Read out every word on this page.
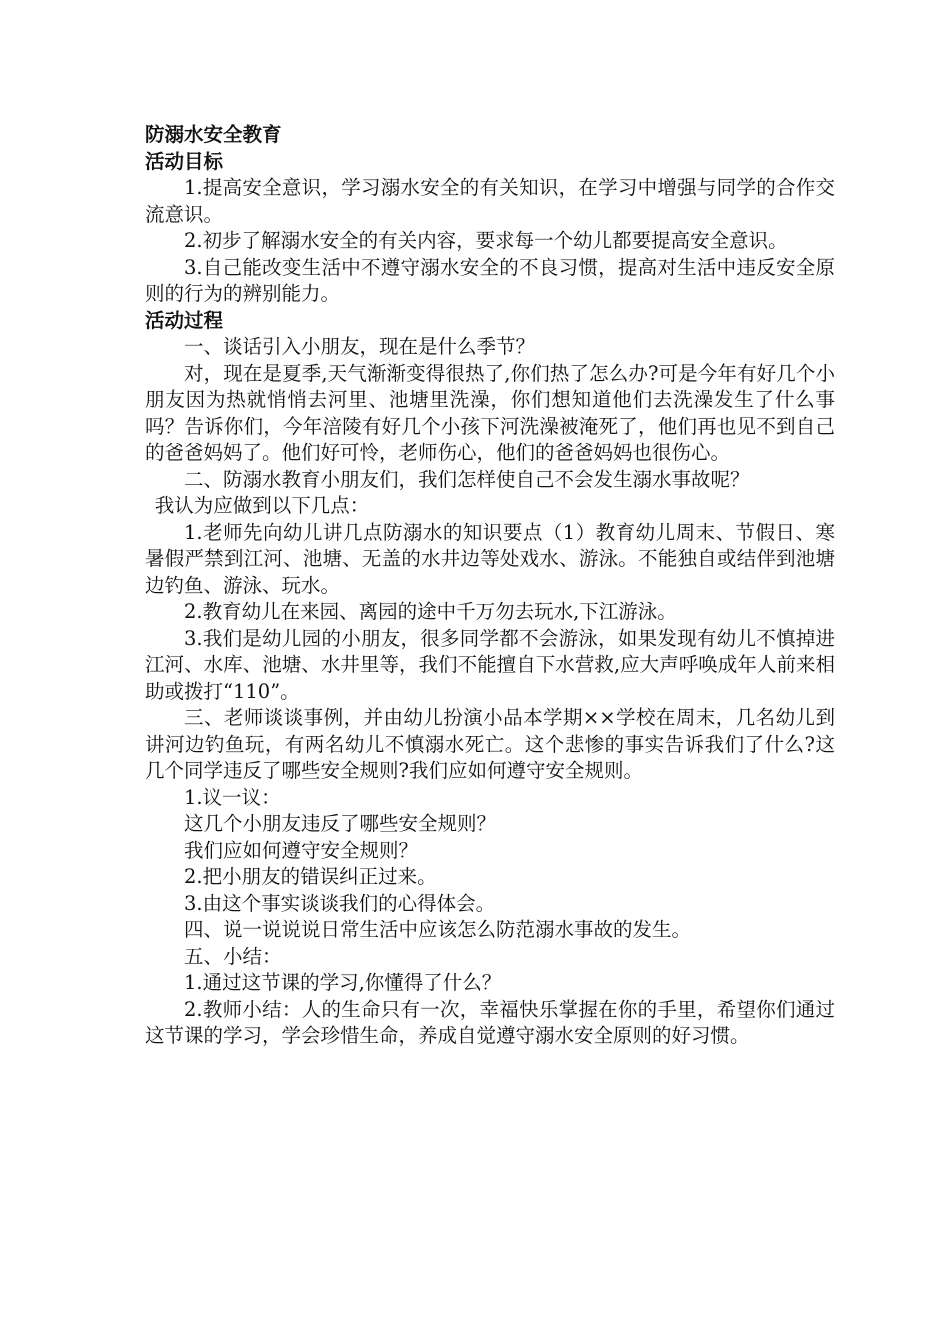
防溺水安全教育
活动目标

1.提高安全意识，学习溺水安全的有关知识，在学习中增强与同学的合作交流意识。

2.初步了解溺水安全的有关内容，要求每一个幼儿都要提高安全意识。

3.自己能改变生活中不遵守溺水安全的不良习惯，提高对生活中违反安全原则的行为的辨别能力。

活动过程

一、谈话引入小朋友，现在是什么季节？

对，现在是夏季,天气渐渐变得很热了,你们热了怎么办?可是今年有好几个小朋友因为热就悄悄去河里、池塘里洗澡，你们想知道他们去洗澡发生了什么事吗？告诉你们，今年涪陵有好几个小孩下河洗澡被淹死了，他们再也见不到自己的爸爸妈妈了。他们好可怜，老师伤心，他们的爸爸妈妈也很伤心。

二、防溺水教育小朋友们，我们怎样使自己不会发生溺水事故呢？

我认为应做到以下几点：

1.老师先向幼儿讲几点防溺水的知识要点（1）教育幼儿周末、节假日、寒暑假严禁到江河、池塘、无盖的水井边等处戏水、游泳。不能独自或结伴到池塘边钓鱼、游泳、玩水。

2.教育幼儿在来园、离园的途中千万勿去玩水,下江游泳。

3.我们是幼儿园的小朋友，很多同学都不会游泳，如果发现有幼儿不慎掉进江河、水库、池塘、水井里等，我们不能擅自下水营救,应大声呼唤成年人前来相助或拨打“110”。

三、老师谈谈事例，并由幼儿扮演小品本学期××学校在周末，几名幼儿到讲河边钓鱼玩，有两名幼儿不慎溺水死亡。这个悲惨的事实告诉我们了什么?这几个同学违反了哪些安全规则?我们应如何遵守安全规则。

1.议一议：

这几个小朋友违反了哪些安全规则？

我们应如何遵守安全规则？

2.把小朋友的错误纠正过来。

3.由这个事实谈谈我们的心得体会。

四、说一说说说日常生活中应该怎么防范溺水事故的发生。

五、小结：

1.通过这节课的学习,你懂得了什么？

2.教师小结：人的生命只有一次，幸福快乐掌握在你的手里，希望你们通过这节课的学习，学会珍惜生命，养成自觉遵守溺水安全原则的好习惯。
